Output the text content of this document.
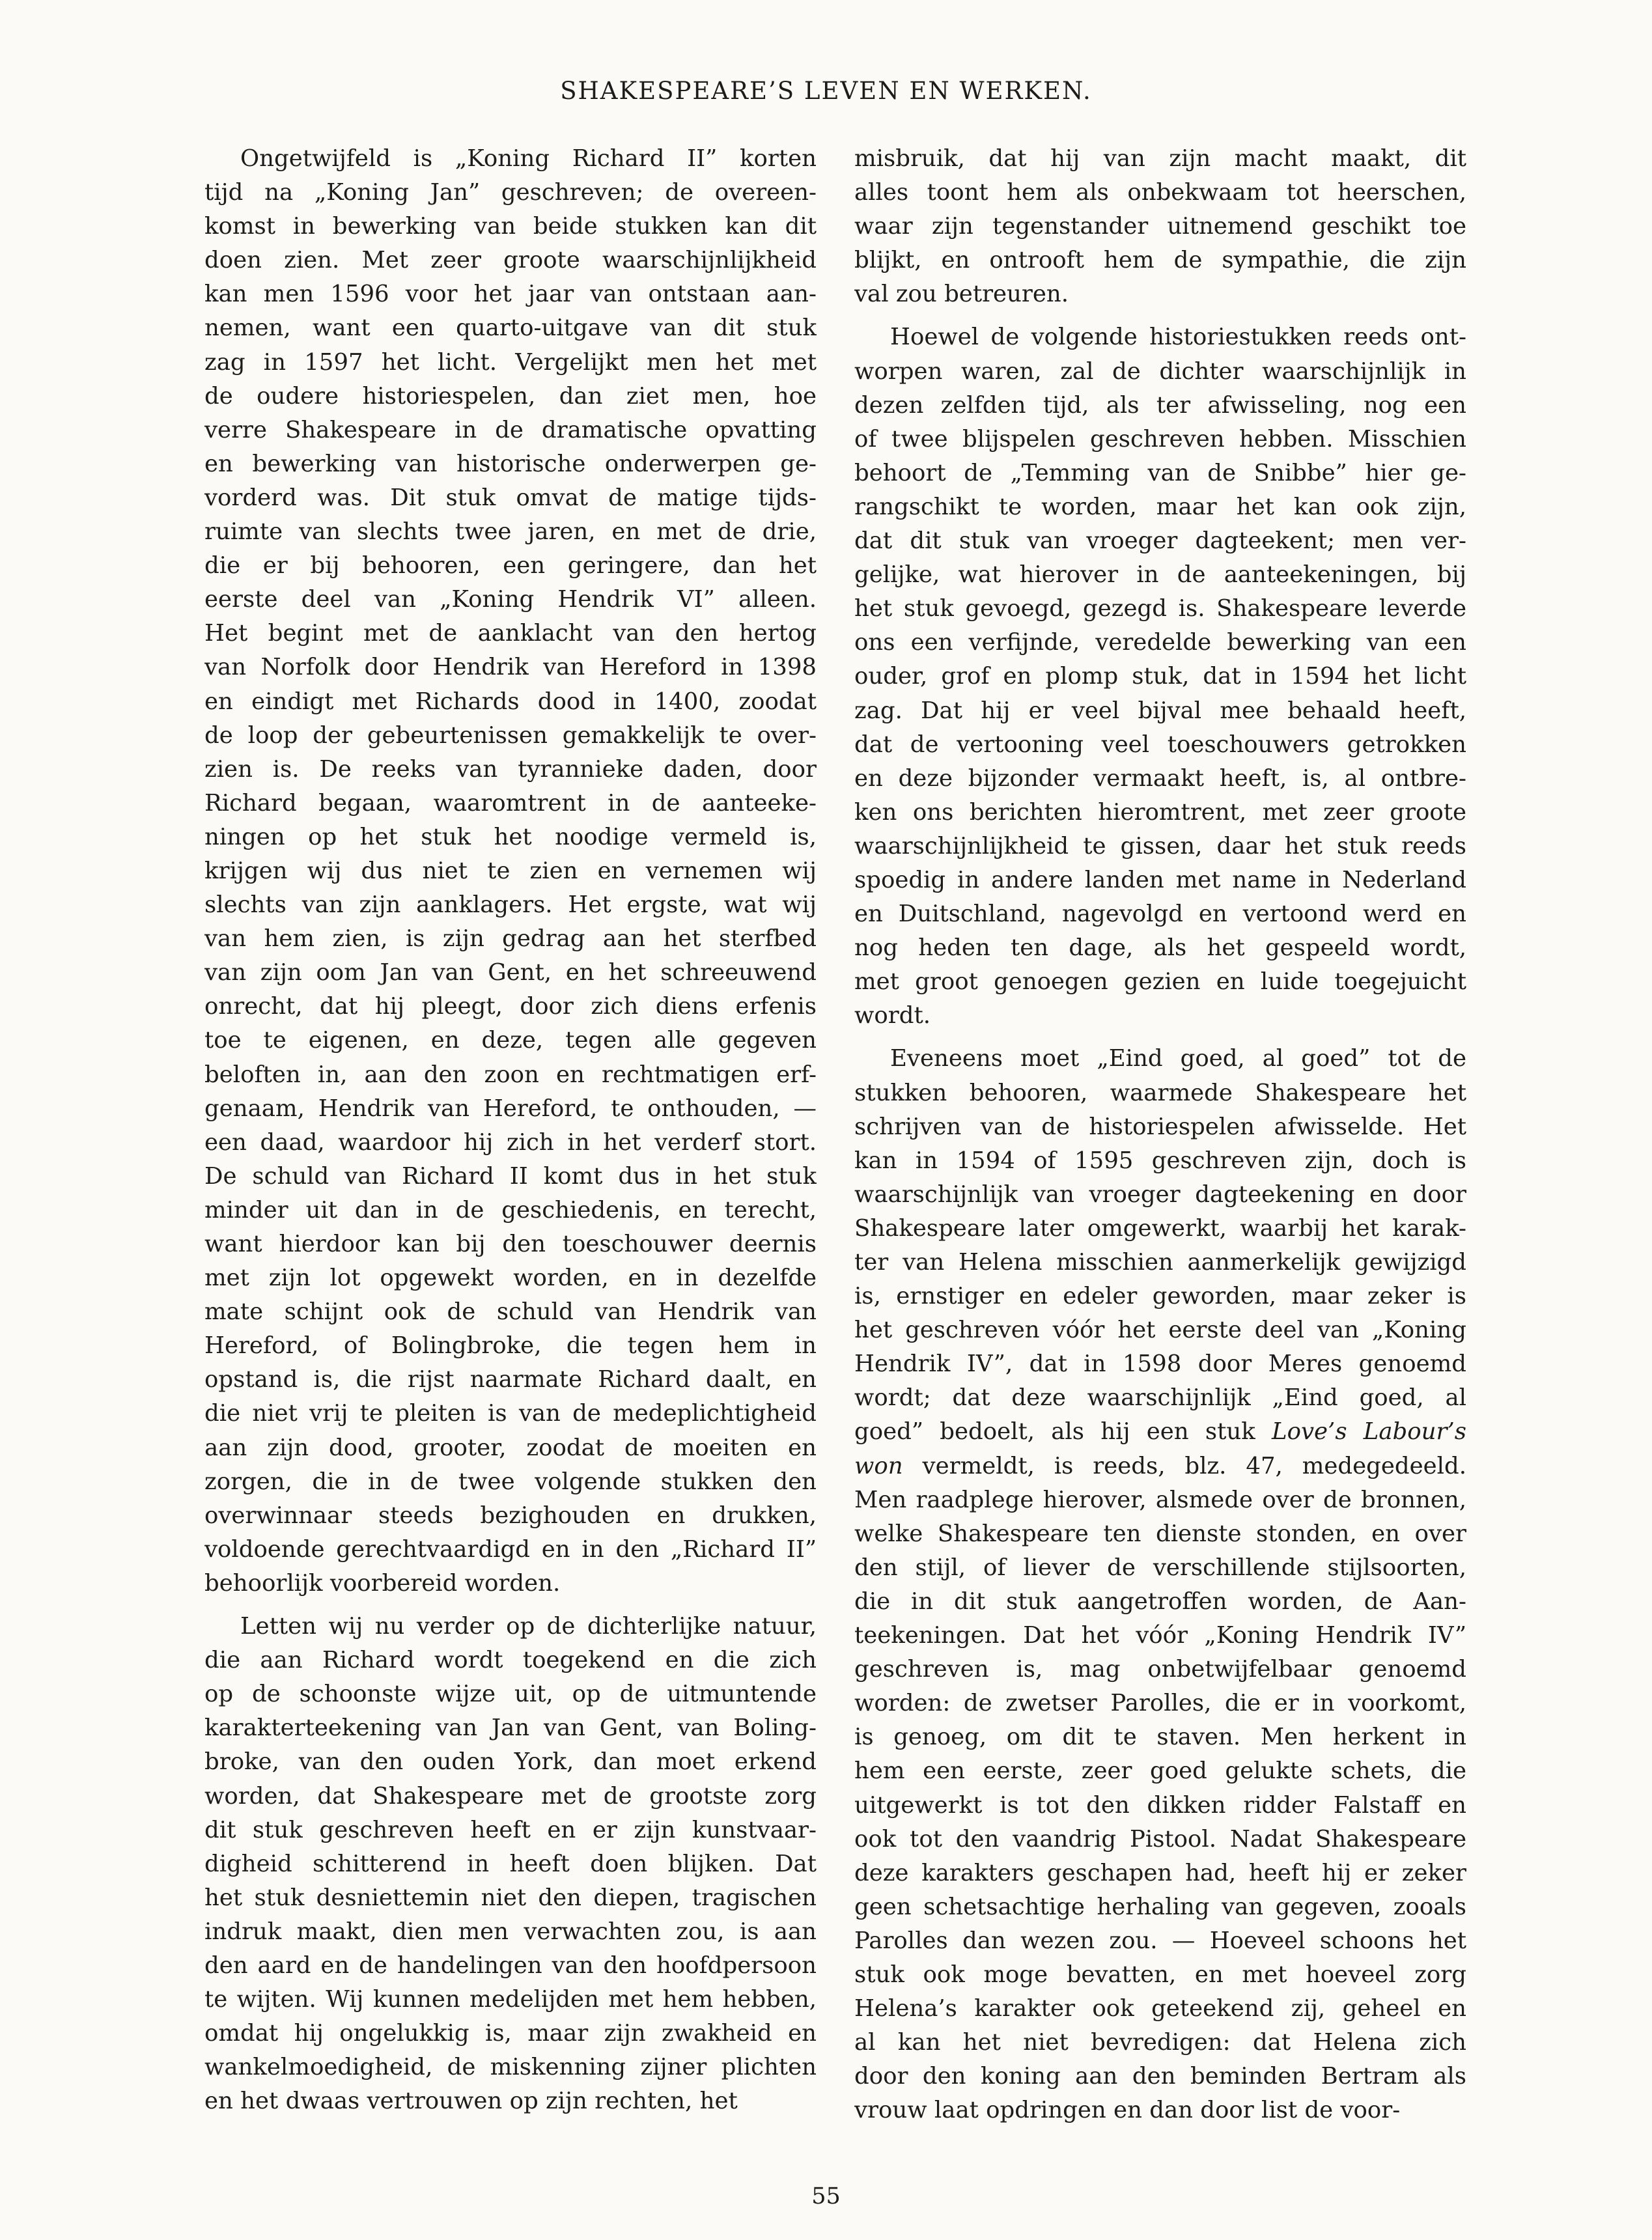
SHAKESPEARE’S LEVEN EN WERKEN.

Ongetwijfeld is „Koning Richard II” korten
tijd na „Koning Jan” geschreven; de overeen-
komst in bewerking van beide stukken kan dit
doen zien. Met zeer groote waarschijnlijkheid
kan men 1596 voor het jaar van ontstaan aan-
nemen, want een quarto-uitgave van dit stuk
zag in 1597 het licht. Vergelijkt men het met
de oudere historiespelen, dan ziet men, hoe
verre Shakespeare in de dramatische opvatting
en bewerking van historische onderwerpen ge-
vorderd was. Dit stuk omvat de matige tijds-
ruimte van slechts twee jaren, en met de drie,
die er bij behooren, een geringere, dan het
eerste deel van „Koning Hendrik VI” alleen.
Het begint met de aanklacht van den hertog
van Norfolk door Hendrik van Hereford in 1398
en eindigt met Richards dood in 1400, zoodat
de loop der gebeurtenissen gemakkelijk te over-
zien is. De reeks van tyrannieke daden, door
Richard begaan, waaromtrent in de aanteeke-
ningen op het stuk het noodige vermeld is,
krijgen wij dus niet te zien en vernemen wij
slechts van zijn aanklagers. Het ergste, wat wij
van hem zien, is zijn gedrag aan het sterfbed
van zijn oom Jan van Gent, en het schreeuwend
onrecht, dat hij pleegt, door zich diens erfenis
toe te eigenen, en deze, tegen alle gegeven
beloften in, aan den zoon en rechtmatigen erf-
genaam, Hendrik van Hereford, te onthouden, —
een daad, waardoor hij zich in het verderf stort.
De schuld van Richard II komt dus in het stuk
minder uit dan in de geschiedenis, en terecht,
want hierdoor kan bij den toeschouwer deernis
met zijn lot opgewekt worden, en in dezelfde
mate schijnt ook de schuld van Hendrik van
Hereford, of Bolingbroke, die tegen hem in
opstand is, die rijst naarmate Richard daalt, en
die niet vrij te pleiten is van de medeplichtigheid
aan zijn dood, grooter, zoodat de moeiten en
zorgen, die in de twee volgende stukken den
overwinnaar steeds bezighouden en drukken,
voldoende gerechtvaardigd en in den „Richard II”
behoorlijk voorbereid worden.

Letten wij nu verder op de dichterlijke natuur,
die aan Richard wordt toegekend en die zich
op de schoonste wijze uit, op de uitmuntende
karakterteekening van Jan van Gent, van Boling-
broke, van den ouden York, dan moet erkend
worden, dat Shakespeare met de grootste zorg
dit stuk geschreven heeft en er zijn kunstvaar-
digheid schitterend in heeft doen blijken. Dat
het stuk desniettemin niet den diepen, tragischen
indruk maakt, dien men verwachten zou, is aan
den aard en de handelingen van den hoofdpersoon
te wijten. Wij kunnen medelijden met hem hebben,
omdat hij ongelukkig is, maar zijn zwakheid en
wankelmoedigheid, de miskenning zijner plichten
en het dwaas vertrouwen op zijn rechten, het

misbruik, dat hij van zijn macht maakt, dit
alles toont hem als onbekwaam tot heerschen,
waar zijn tegenstander uitnemend geschikt toe
blijkt, en ontrooft hem de sympathie, die zijn
val zou betreuren.

Hoewel de volgende historiestukken reeds ont-
worpen waren, zal de dichter waarschijnlijk in
dezen zelfden tijd, als ter afwisseling, nog een
of twee blijspelen geschreven hebben. Misschien
behoort de „Temming van de Snibbe” hier ge-
rangschikt te worden, maar het kan ook zijn,
dat dit stuk van vroeger dagteekent; men ver-
gelijke, wat hierover in de aanteekeningen, bij
het stuk gevoegd, gezegd is. Shakespeare leverde
ons een verfijnde, veredelde bewerking van een
ouder, grof en plomp stuk, dat in 1594 het licht
zag. Dat hij er veel bijval mee behaald heeft,
dat de vertooning veel toeschouwers getrokken
en deze bijzonder vermaakt heeft, is, al ontbre-
ken ons berichten hieromtrent, met zeer groote
waarschijnlijkheid te gissen, daar het stuk reeds
spoedig in andere landen met name in Nederland
en Duitschland, nagevolgd en vertoond werd en
nog heden ten dage, als het gespeeld wordt,
met groot genoegen gezien en luide toegejuicht
wordt.

Eveneens moet „Eind goed, al goed” tot de
stukken behooren, waarmede Shakespeare het
schrijven van de historiespelen afwisselde. Het
kan in 1594 of 1595 geschreven zijn, doch is
waarschijnlijk van vroeger dagteekening en door
Shakespeare later omgewerkt, waarbij het karak-
ter van Helena misschien aanmerkelijk gewijzigd
is, ernstiger en edeler geworden, maar zeker is
het geschreven vóór het eerste deel van „Koning
Hendrik IV”, dat in 1598 door Meres genoemd
wordt; dat deze waarschijnlijk „Eind goed, al
goed” bedoelt, als hij een stuk Love’s Labour’s
won vermeldt, is reeds, blz. 47, medegedeeld.
Men raadplege hierover, alsmede over de bronnen,
welke Shakespeare ten dienste stonden, en over
den stijl, of liever de verschillende stijlsoorten,
die in dit stuk aangetroffen worden, de Aan-
teekeningen. Dat het vóór „Koning Hendrik IV”
geschreven is, mag onbetwijfelbaar genoemd
worden: de zwetser Parolles, die er in voorkomt,
is genoeg, om dit te staven. Men herkent in
hem een eerste, zeer goed gelukte schets, die
uitgewerkt is tot den dikken ridder Falstaff en
ook tot den vaandrig Pistool. Nadat Shakespeare
deze karakters geschapen had, heeft hij er zeker
geen schetsachtige herhaling van gegeven, zooals
Parolles dan wezen zou. — Hoeveel schoons het
stuk ook moge bevatten, en met hoeveel zorg
Helena’s karakter ook geteekend zij, geheel en
al kan het niet bevredigen: dat Helena zich
door den koning aan den beminden Bertram als
vrouw laat opdringen en dan door list de voor-

55
